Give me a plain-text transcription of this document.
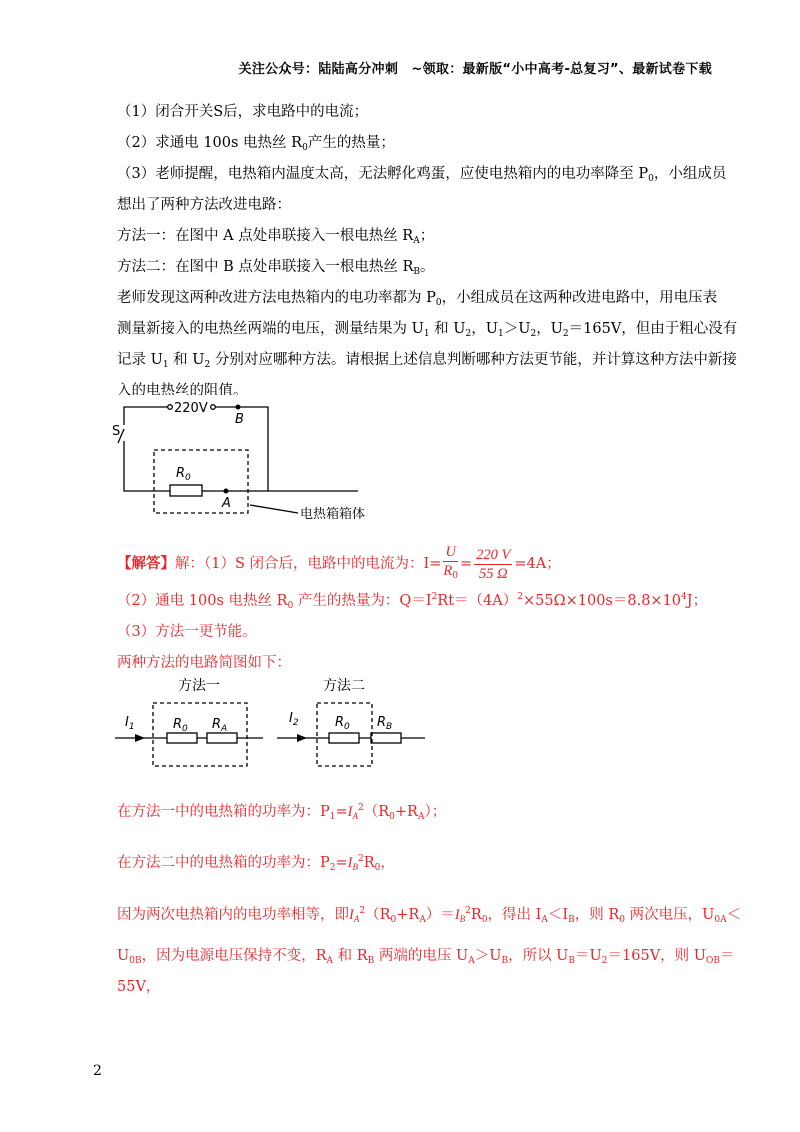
关注公众号：陆陆高分冲刺　~领取：最新版“小中高考-总复习”、最新试卷下载
（1）闭合开关S后，求电路中的电流；
（2）求通电 100s 电热丝 $R_0$产生的热量；
（3）老师提醒，电热箱内温度太高，无法孵化鸡蛋，应使电热箱内的电功率降至 $P_0$，小组成员
想出了两种方法改进电路：
方法一：在图中 A 点处串联接入一根电热丝 $R_A$；
方法二：在图中 B 点处串联接入一根电热丝 $R_B$。
老师发现这两种改进方法电热箱内的电功率都为 $P_0$，小组成员在这两种改进电路中，用电压表
测量新接入的电热丝两端的电压，测量结果为 $U_1$ 和 $U_2$，$U_1>U_2$，$U_2=165V$，但由于粗心没有
记录 $U_1$ 和 $U_2$ 分别对应哪种方法。请根据上述信息判断哪种方法更节能，并计算这种方法中新接
入的电热丝的阻值。
220V
B
S
$R_0$
A
电热箱箱体
【解答】解：（1）S 闭合后，电路中的电流为：$I= \frac{U}{R_0} = \frac{220 V}{55 \Omega} =4A$；
（2）通电 100s 电热丝 $R_0$ 产生的热量为：$Q=I^2Rt=(4A)^2\times 55\Omega\times 100s=8.8\times 10^4J$；
（3）方法一更节能。
两种方法的电路简图如下：
方法一	方法二
$I_1$
$I_2$
$R_0$ $R_A$	$R_0$ $R_B$
在方法一中的电热箱的功率为：$P_1=I_A^2(R_0+R_A)$；
在方法二中的电热箱的功率为：$P_2=I_B^2R_0$，
因为两次电热箱内的电功率相等，即$I_A^2(R_0+R_A)=I_B^2R_0$，得出 $I_A<I_B$，则 $R_0$ 两次电压，$U_{0A}<$
$U_{0B}$，因为电源电压保持不变，$R_A$ 和 $R_B$ 两端的电压 $U_A>U_B$，所以 $U_B=U_2=165V$，则 $U_{OB}=$
55V，
2
